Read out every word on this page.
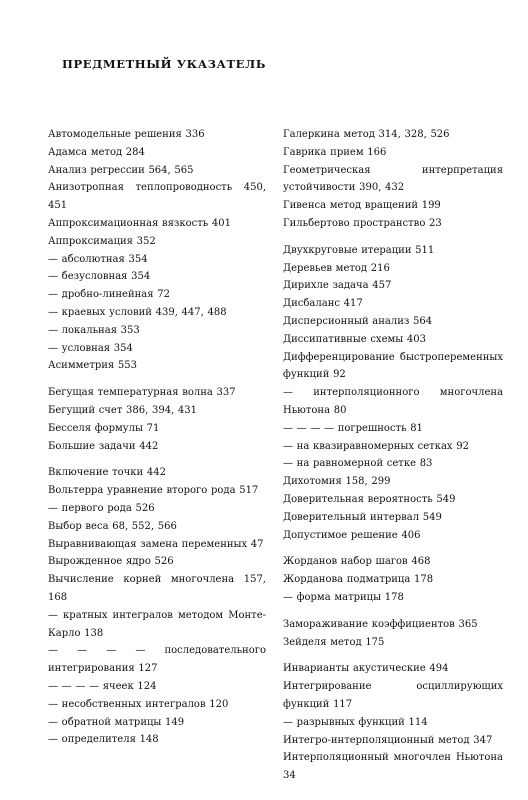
ПРЕДМЕТНЫЙ УКАЗАТЕЛЬ
Автомодельные решения 336
Адамса метод 284
Анализ регрессии 564, 565
Анизотропная теплопроводность 450, 451
Аппроксимационная вязкость 401
Аппроксимация 352
— абсолютная 354
— безусловная 354
— дробно-линейная 72
— краевых условий 439, 447, 488
— локальная 353
— условная 354
Асимметрия 553
Бегущая температурная волна 337
Бегущий счет 386, 394, 431
Бесселя формулы 71
Большие задачи 442
Включение точки 442
Вольтерра уравнение второго рода 517
— первого рода 526
Выбор веса 68, 552, 566
Выравнивающая замена переменных 47
Вырожденное ядро 526
Вычисление корней многочлена 157, 168
— кратных интегралов методом Монте-Карло 138
— — — — последовательного интегрирования 127
— — — — ячеек 124
— несобственных интегралов 120
— обратной матрицы 149
— определителя 148
Галеркина метод 314, 328, 526
Гаврика прием 166
Геометрическая интерпретация устойчивости 390, 432
Гивенса метод вращений 199
Гильбертово пространство 23
Двухкруговые итерации 511
Деревьев метод 216
Дирихле задача 457
Дисбаланс 417
Дисперсионный анализ 564
Диссипативные схемы 403
Дифференцирование быстропеременных функций 92
— интерполяционного многочлена Ньютона 80
— — — — погрешность 81
— на квазиравномерных сетках 92
— на равномерной сетке 83
Дихотомия 158, 299
Доверительная вероятность 549
Доверительный интервал 549
Допустимое решение 406
Жорданов набор шагов 468
Жорданова подматрица 178
— форма матрицы 178
Замораживание коэффициентов 365
Зейделя метод 175
Инварианты акустические 494
Интегрирование осциллирующих функций 117
— разрывных функций 114
Интегро-интерполяционный метод 347
Интерполяционный многочлен Ньютона 34
